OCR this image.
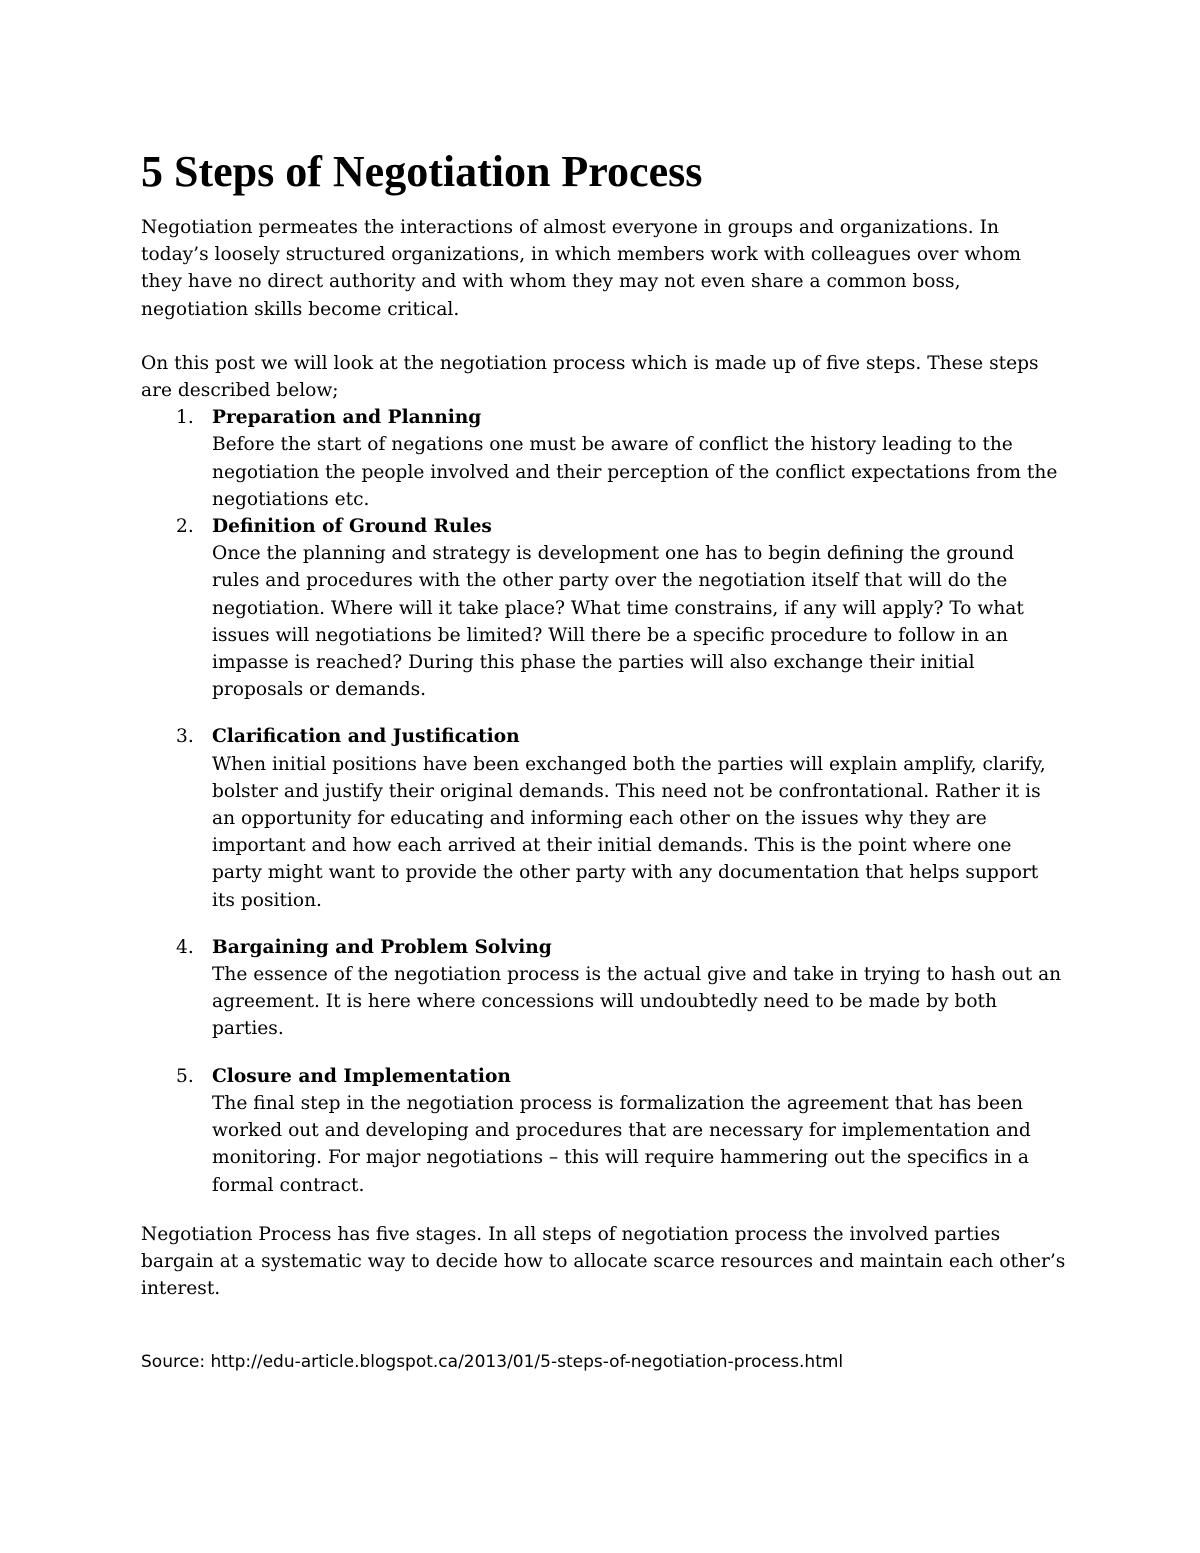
5 Steps of Negotiation Process

Negotiation permeates the interactions of almost everyone in groups and organizations. In today’s loosely structured organizations, in which members work with colleagues over whom they have no direct authority and with whom they may not even share a common boss, negotiation skills become critical.

On this post we will look at the negotiation process which is made up of five steps. These steps are described below;

1. Preparation and Planning
Before the start of negations one must be aware of conflict the history leading to the negotiation the people involved and their perception of the conflict expectations from the negotiations etc.
2. Definition of Ground Rules
Once the planning and strategy is development one has to begin defining the ground rules and procedures with the other party over the negotiation itself that will do the negotiation. Where will it take place? What time constrains, if any will apply? To what issues will negotiations be limited? Will there be a specific procedure to follow in an impasse is reached? During this phase the parties will also exchange their initial proposals or demands.
3. Clarification and Justification
When initial positions have been exchanged both the parties will explain amplify, clarify, bolster and justify their original demands. This need not be confrontational. Rather it is an opportunity for educating and informing each other on the issues why they are important and how each arrived at their initial demands. This is the point where one party might want to provide the other party with any documentation that helps support its position.
4. Bargaining and Problem Solving
The essence of the negotiation process is the actual give and take in trying to hash out an agreement. It is here where concessions will undoubtedly need to be made by both parties.
5. Closure and Implementation
The final step in the negotiation process is formalization the agreement that has been worked out and developing and procedures that are necessary for implementation and monitoring. For major negotiations – this will require hammering out the specifics in a formal contract.

Negotiation Process has five stages. In all steps of negotiation process the involved parties bargain at a systematic way to decide how to allocate scarce resources and maintain each other’s interest.

Source: http://edu-article.blogspot.ca/2013/01/5-steps-of-negotiation-process.html
